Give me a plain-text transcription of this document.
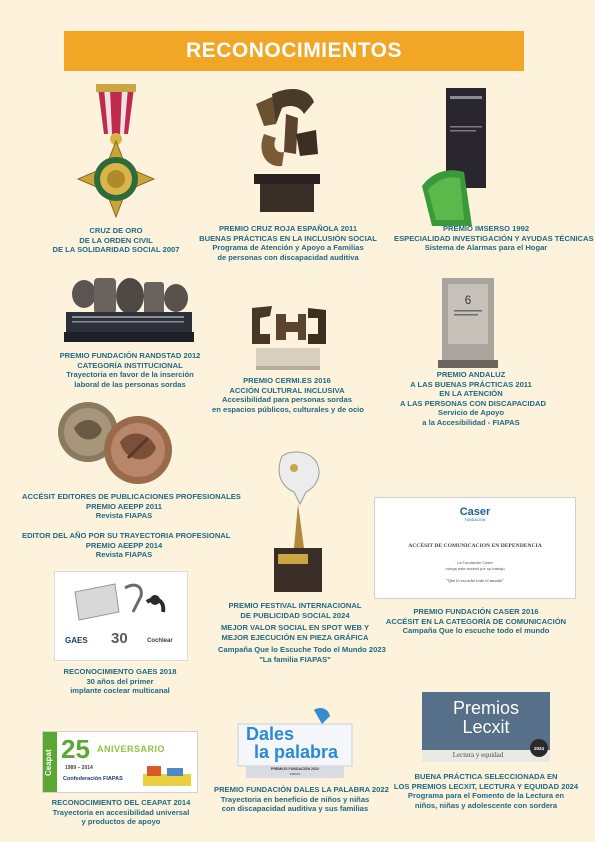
RECONOCIMIENTOS
CRUZ DE ORO
DE LA ORDEN CIVIL
DE LA SOLIDARIDAD SOCIAL 2007
PREMIO CRUZ ROJA ESPAÑOLA 2011
BUENAS PRÁCTICAS EN LA INCLUSIÓN SOCIAL
Programa de Atención y Apoyo a Familias
de personas con discapacidad auditiva
PREMIO IMSERSO 1992
ESPECIALIDAD INVESTIGACIÓN Y AYUDAS TÉCNICAS
Sistema de Alarmas para el Hogar
PREMIO FUNDACIÓN RANDSTAD 2012
CATEGORÍA INSTITUCIONAL
Trayectoria en favor de la inserción
laboral de las personas sordas	PREMIO CERMI.ES 2016
ACCIÓN CULTURAL INCLUSIVA
Accesibilidad para personas sordas
en espacios públicos, culturales y de ocio
6
PREMIO ANDALUZ
A LAS BUENAS PRÁCTICAS 2011
EN LA ATENCIÓN
A LAS PERSONAS CON DISCAPACIDAD
Servicio de Apoyo
a la Accesibilidad - FIAPAS
ACCÉSIT EDITORES DE PUBLICACIONES PROFESIONALES
PREMIO AEEPP 2011
Revista FIAPAS
EDITOR DEL AÑO POR SU TRAYECTORIA PROFESIONAL
PREMIO AEEPP 2014
Revista FIAPAS
PREMIO FESTIVAL INTERNACIONAL
DE PUBLICIDAD SOCIAL 2024
MEJOR VALOR SOCIAL EN SPOT WEB Y
MEJOR EJECUCIÓN EN PIEZA GRÁFICA
Campaña Que lo Escuche Todo el Mundo 2023
"La familia FIAPAS"
Caser
FUNDACIÓN
ACCÉSIT DE COMUNICACION EN DEPENDENCIA
La Fundación Caser
otorga este accésit por su trabajo
"Que lo escuche todo el mundo"
PREMIO FUNDACIÓN CASER 2016
ACCÉSIT EN LA CATEGORÍA DE COMUNICACIÓN
Campaña Que lo escuche todo el mundo
GAES 30	Cochlear
RECONOCIMIENTO GAES 2018
30 años del primer
implante coclear multicanal
Ceapat 25 ANIVERSARIO
1989 – 2014
Confederación FIAPAS
RECONOCIMIENTO DEL CEAPAT 2014
Trayectoria en accesibilidad universal
y productos de apoyo
Dales
la palabra
PREMIOS FUNDACIÓN 2022
FIAPAS
PREMIO FUNDACIÓN DALES LA PALABRA 2022
Trayectoria en beneficio de niños y niñas
con discapacidad auditiva y sus familias
Premios
Lecxit
Lectura y equidad
2024
BUENA PRÁCTICA SELECCIONADA EN
LOS PREMIOS LECXIT, LECTURA Y EQUIDAD 2024
Programa para el Fomento de la Lectura en
niños, niñas y adolescente con sordera
